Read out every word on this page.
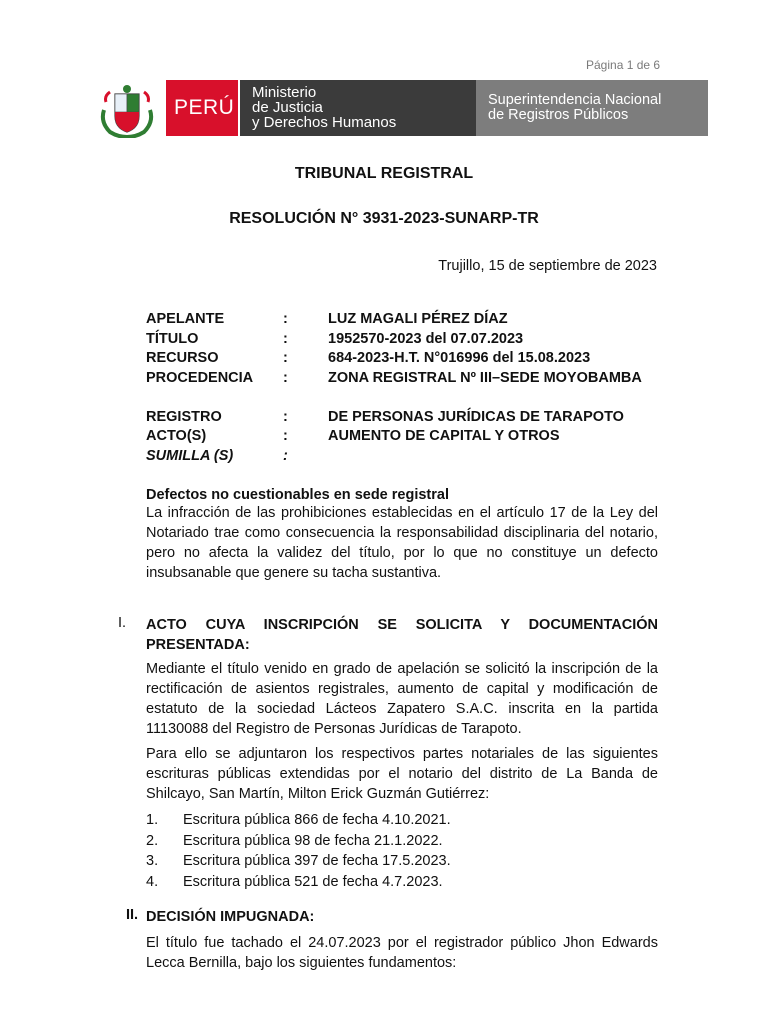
Página 1 de 6
PERÚ
Ministerio
de Justicia
y Derechos Humanos
Superintendencia Nacional
de Registros Públicos
TRIBUNAL REGISTRAL
RESOLUCIÓN N° 3931-2023-SUNARP-TR
Trujillo, 15 de septiembre de 2023
APELANTE	:	LUZ MAGALI PÉREZ DÍAZ
TÍTULO	:	1952570-2023 del 07.07.2023
RECURSO	:	684-2023-H.T. N°016996 del 15.08.2023
PROCEDENCIA :	ZONA REGISTRAL Nº III–SEDE MOYOBAMBA
REGISTRO	:	DE PERSONAS JURÍDICAS DE TARAPOTO
ACTO(S)	:	AUMENTO DE CAPITAL Y OTROS
SUMILLA (S)	:
Defectos no cuestionables en sede registral
La infracción de las prohibiciones establecidas en el artículo 17 de la Ley del Notariado trae como consecuencia la responsabilidad disciplinaria del notario, pero no afecta la validez del título, por lo que no constituye un defecto insubsanable que genere su tacha sustantiva.
I. ACTO CUYA INSCRIPCIÓN SE SOLICITA Y DOCUMENTACIÓN PRESENTADA:
Mediante el título venido en grado de apelación se solicitó la inscripción de la rectificación de asientos registrales, aumento de capital y modificación de estatuto de la sociedad Lácteos Zapatero S.A.C. inscrita en la partida 11130088 del Registro de Personas Jurídicas de Tarapoto.
Para ello se adjuntaron los respectivos partes notariales de las siguientes escrituras públicas extendidas por el notario del distrito de La Banda de Shilcayo, San Martín, Milton Erick Guzmán Gutiérrez:
1. Escritura pública 866 de fecha 4.10.2021.
2. Escritura pública 98 de fecha 21.1.2022.
3. Escritura pública 397 de fecha 17.5.2023.
4. Escritura pública 521 de fecha 4.7.2023.
II. DECISIÓN IMPUGNADA:
El título fue tachado el 24.07.2023 por el registrador público Jhon Edwards Lecca Bernilla, bajo los siguientes fundamentos:
